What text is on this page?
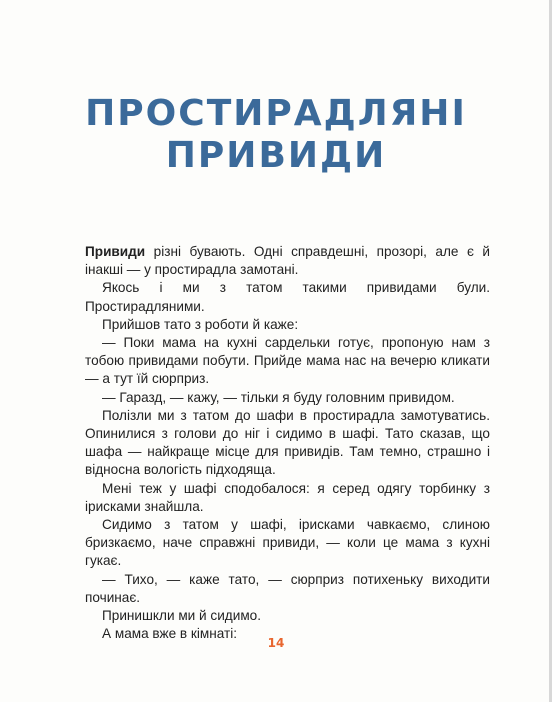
ПРОСТИРАДЛЯНІ
ПРИВИДИ

Привиди різні бувають. Одні справдешні, прозорі, але є й інакші — у простирадла замотані.

Якось і ми з татом такими привидами були. Простирадляними.

Прийшов тато з роботи й каже:

— Поки мама на кухні сардельки готує, пропоную нам з тобою привидами побути. Прийде мама нас на вечерю кликати — а тут їй сюрприз.

— Гаразд, — кажу, — тільки я буду головним привидом.

Полізли ми з татом до шафи в простирадла замотуватись. Опинилися з голови до ніг і сидимо в шафі. Тато сказав, що шафа — найкраще місце для привидів. Там темно, страшно і відносна вологість підходяща.

Мені теж у шафі сподобалося: я серед одягу торбинку з ірисками знайшла.

Сидимо з татом у шафі, ірисками чавкаємо, слиною бризкаємо, наче справжні привиди, — коли це мама з кухні гукає.

— Тихо, — каже тато, — сюрприз потихеньку виходити починає.

Принишкли ми й сидимо.

А мама вже в кімнаті:

14
